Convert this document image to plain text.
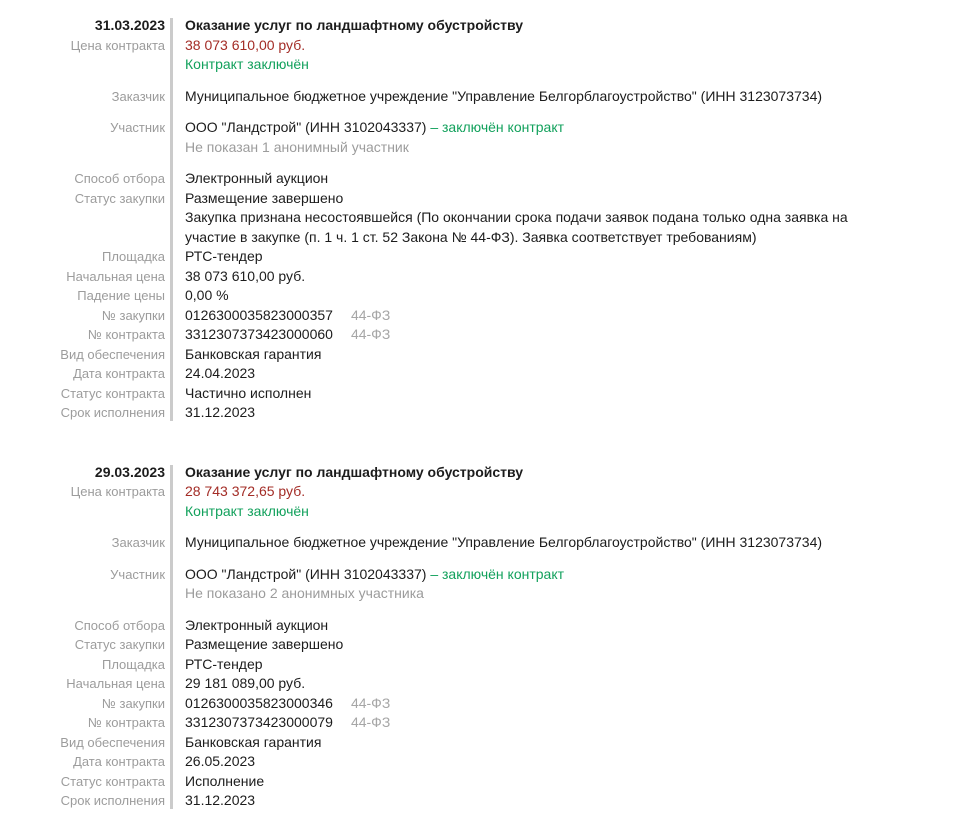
31.03.2023	Оказание услуг по ландшафтному обустройству
Цена контракта	38 073 610,00 руб.
Контракт заключён
Заказчик	Муниципальное бюджетное учреждение "Управление Белгорблагоустройство" (ИНН 3123073734)
Участник	ООО "Ландстрой" (ИНН 3102043337) – заключён контракт
Не показан 1 анонимный участник
Способ отбора	Электронный аукцион
Статус закупки	Размещение завершено
Закупка признана несостоявшейся (По окончании срока подачи заявок подана только одна заявка на участие в закупке (п. 1 ч. 1 ст. 52 Закона № 44-ФЗ). Заявка соответствует требованиям)
Площадка	РТС-тендер
Начальная цена	38 073 610,00 руб.
Падение цены	0,00 %
№ закупки	0126300035823000357 44-ФЗ
№ контракта	3312307373423000060 44-ФЗ
Вид обеспечения	Банковская гарантия
Дата контракта	24.04.2023
Статус контракта	Частично исполнен
Срок исполнения	31.12.2023
29.03.2023	Оказание услуг по ландшафтному обустройству
Цена контракта	28 743 372,65 руб.
Контракт заключён
Заказчик	Муниципальное бюджетное учреждение "Управление Белгорблагоустройство" (ИНН 3123073734)
Участник	ООО "Ландстрой" (ИНН 3102043337) – заключён контракт
Не показано 2 анонимных участника
Способ отбора	Электронный аукцион
Статус закупки	Размещение завершено
Площадка	РТС-тендер
Начальная цена	29 181 089,00 руб.
№ закупки	0126300035823000346 44-ФЗ
№ контракта	3312307373423000079 44-ФЗ
Вид обеспечения	Банковская гарантия
Дата контракта	26.05.2023
Статус контракта	Исполнение
Срок исполнения	31.12.2023
